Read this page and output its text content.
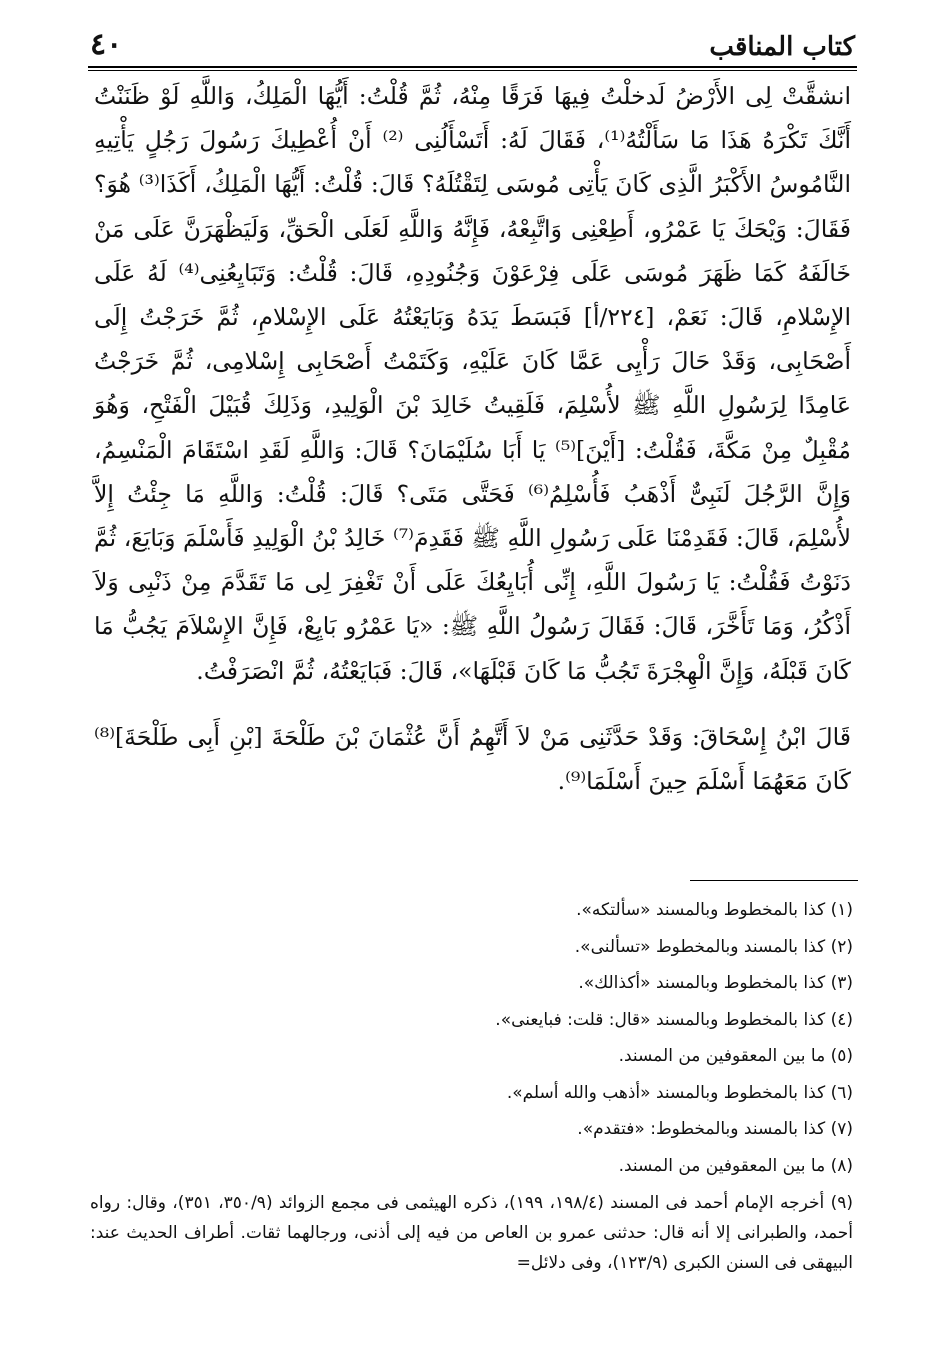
٤٠	كتاب المناقب

انشقَّتْ لِى الأَرْضُ لَدخلْتُ فِيهَا فَرَقًا مِنْهُ، ثُمَّ قُلْتُ: أَيُّهَا الْمَلِكُ، وَاللَّهِ لَوْ ظَنَنْتُ أَنَّكَ تَكْرَهُ هَذَا مَا سَأَلْتُهُ⁽¹⁾، فَقَالَ لَهُ: أَتَسْأَلُنِى ⁽²⁾ أَنْ أُعْطِيكَ رَسُولَ رَجُلٍ يَأْتِيهِ النَّامُوسُ الأَكْبَرُ الَّذِى كَانَ يَأْتِى مُوسَى لِتَقْتُلَهُ؟ قَالَ: قُلْتُ: أَيُّهَا الْمَلِكُ، أَكَذَا⁽³⁾ هُوَ؟ فَقَالَ: وَيْحَكَ يَا عَمْرُو، أَطِعْنِى وَاتَّبِعْهُ، فَإِنَّهُ وَاللَّهِ لَعَلَى الْحَقِّ، وَلَيَظْهَرَنَّ عَلَى مَنْ خَالَفَهُ كَمَا ظَهَرَ مُوسَى عَلَى فِرْعَوْنَ وَجُنُودِهِ، قَالَ: قُلْتُ: وَتَبَايِعُنِى⁽⁴⁾ لَهُ عَلَى الإِسْلامِ، قَالَ: نَعَمْ، [٢٢٤/أ] فَبَسَطَ يَدَهُ وَبَايَعْتُهُ عَلَى الإِسْلامِ، ثُمَّ خَرَجْتُ إِلَى أَصْحَابِى، وَقَدْ حَالَ رَأْيِى عَمَّا كَانَ عَلَيْهِ، وَكَتَمْتُ أَصْحَابِى إِسْلامِى، ثُمَّ خَرَجْتُ عَامِدًا لِرَسُولِ اللَّهِ ﷺ لأُسْلِمَ، فَلَقِيتُ خَالِدَ بْنَ الْوَلِيدِ، وَذَلِكَ قُبَيْلَ الْفَتْحِ، وَهُوَ مُقْبِلٌ مِنْ مَكَّةَ، فَقُلْتُ: [أَيْنَ]⁽⁵⁾ يَا أَبَا سُلَيْمَانَ؟ قَالَ: وَاللَّهِ لَقَدِ اسْتَقَامَ الْمَنْسِمُ، وَإِنَّ الرَّجُلَ لَنَبِىٌّ أَذْهَبُ فَأُسْلِمُ⁽⁶⁾ فَحَتَّى مَتَى؟ قَالَ: قُلْتُ: وَاللَّهِ مَا جِئْتُ إِلاَّ لأُسْلِمَ، قَالَ: فَقَدِمْنَا عَلَى رَسُولِ اللَّهِ ﷺ فَقَدِمَ⁽⁷⁾ خَالِدُ بْنُ الْوَلِيدِ فَأَسْلَمَ وَبَايَعَ، ثُمَّ دَنَوْتُ فَقُلْتُ: يَا رَسُولَ اللَّهِ، إِنِّى أُبَايِعُكَ عَلَى أَنْ تَغْفِرَ لِى مَا تَقَدَّمَ مِنْ ذَنْبِى وَلاَ أَذْكُرُ، وَمَا تَأَخَّرَ، قَالَ: فَقَالَ رَسُولُ اللَّهِ ﷺ: «يَا عَمْرُو بَايِعْ، فَإِنَّ الإِسْلاَمَ يَجُبُّ مَا كَانَ قَبْلَهُ، وَإِنَّ الْهِجْرَةَ تَجُبُّ مَا كَانَ قَبْلَهَا»، قَالَ: فَبَايَعْتُهُ، ثُمَّ انْصَرَفْتُ.

قَالَ ابْنُ إِسْحَاقَ: وَقَدْ حَدَّثَنِى مَنْ لاَ أَتَّهِمُ أَنَّ عُثْمَانَ بْنَ طَلْحَةَ [بْنِ أَبِى طَلْحَةَ]⁽⁸⁾ كَانَ مَعَهُمَا أَسْلَمَ حِينَ أَسْلَمَا⁽⁹⁾.

(١) كذا بالمخطوط وبالمسند «سألتكه».

(٢) كذا بالمسند وبالمخطوط «تسألنى».

(٣) كذا بالمخطوط وبالمسند «أكذالك».

(٤) كذا بالمخطوط وبالمسند «قال: قلت: فبايعنى».

(٥) ما بين المعقوفين من المسند.

(٦) كذا بالمخطوط وبالمسند «أذهب والله أسلم».

(٧) كذا بالمسند وبالمخطوط: «فتقدم».

(٨) ما بين المعقوفين من المسند.

(٩) أخرجه الإمام أحمد فى المسند (١٩٨/٤، ١٩٩)، ذكره الهيثمى فى مجمع الزوائد (٣٥٠/٩، ٣٥١)، وقال: رواه أحمد، والطبرانى إلا أنه قال: حدثنى عمرو بن العاص من فيه إلى أذنى، ورجالهما ثقات. أطراف الحديث عند: البيهقى فى السنن الكبرى (١٢٣/٩)، وفى دلائل=
